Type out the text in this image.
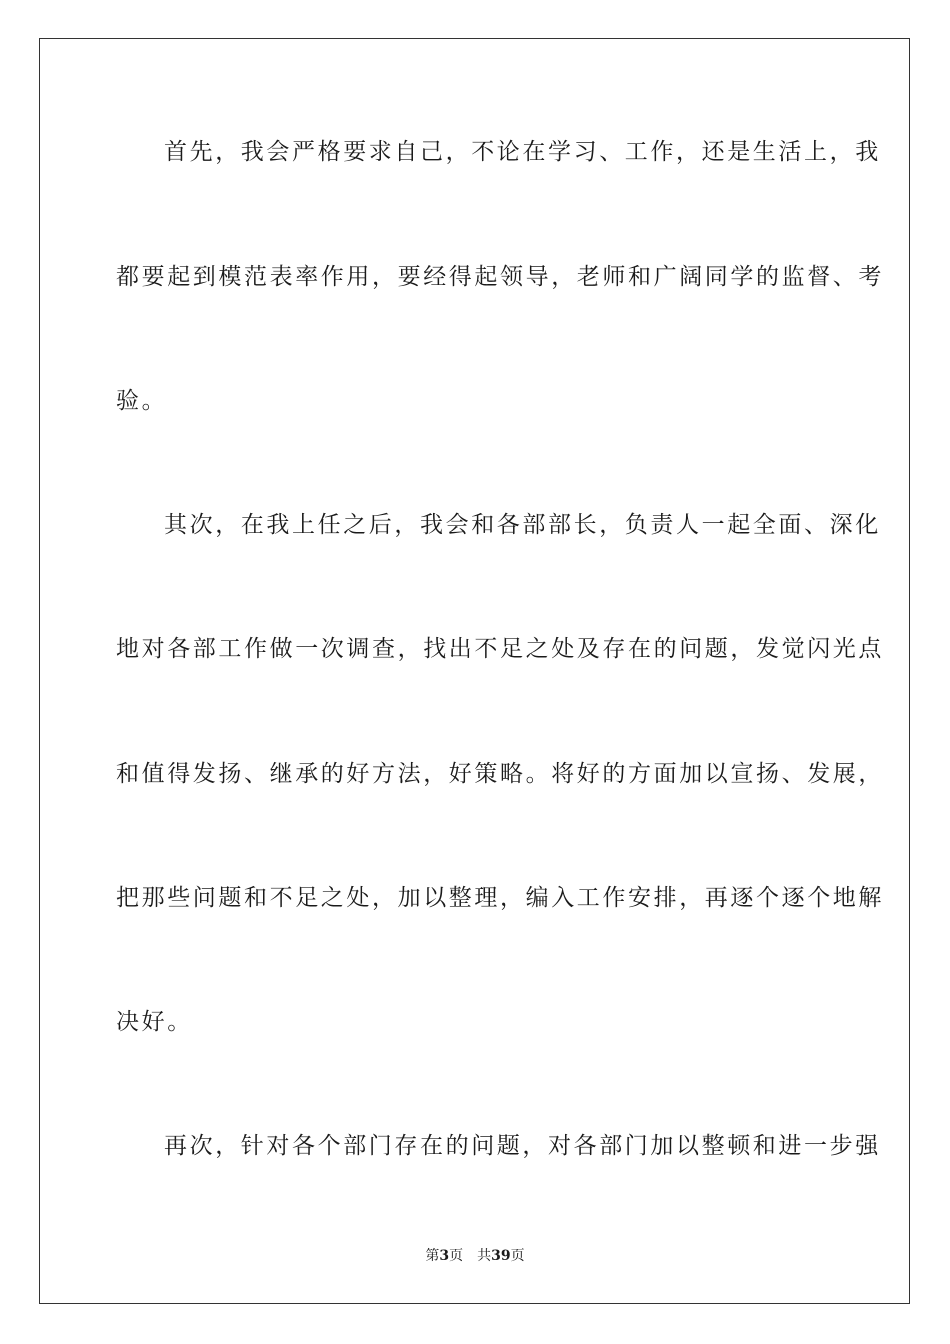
首先，我会严格要求自己，不论在学习、工作，还是生活上，我
都要起到模范表率作用，要经得起领导，老师和广阔同学的监督、考
验。
其次，在我上任之后，我会和各部部长，负责人一起全面、深化
地对各部工作做一次调查，找出不足之处及存在的问题，发觉闪光点
和值得发扬、继承的好方法，好策略。将好的方面加以宣扬、发展，
把那些问题和不足之处，加以整理，编入工作安排，再逐个逐个地解
决好。
再次，针对各个部门存在的问题，对各部门加以整顿和进一步强
第3页 共39页
